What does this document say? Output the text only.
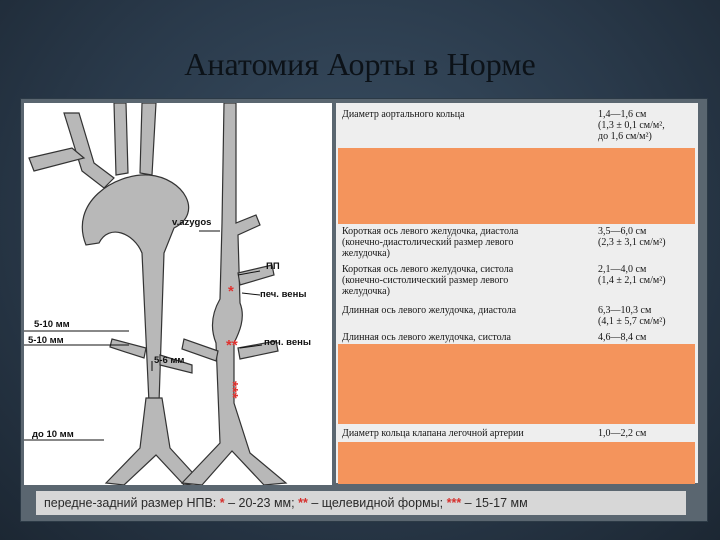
Анатомия Аорты в Норме
v.azygos
ПП
печ. вены
поч. вены
5-10 мм
5-10 мм
5-6 мм
до 10 мм
*
**
***
Диаметр аортального кольца	1,4—1,6 см
(1,3 ± 0,1 см/м²,
до 1,6 см/м²)
Короткая ось левого желудочка, диастола
(конечно-диастолический размер левого
желудочка)
3,5—6,0 см
(2,3 ± 3,1 см/м²)
Короткая ось левого желудочка, систола
(конечно-систолический размер левого
желудочка)
2,1—4,0 см
(1,4 ± 2,1 см/м²)
Длинная ось левого желудочка, диастола	6,3—10,3 см
(4,1 ± 5,7 см/м²)
Длинная ось левого желудочка, систола	4,6—8,4 см
Диаметр кольца клапана легочной артерии	1,0—2,2 см
передне-задний размер НПВ: * – 20-23 мм; ** – щелевидной формы; *** – 15-17 мм
